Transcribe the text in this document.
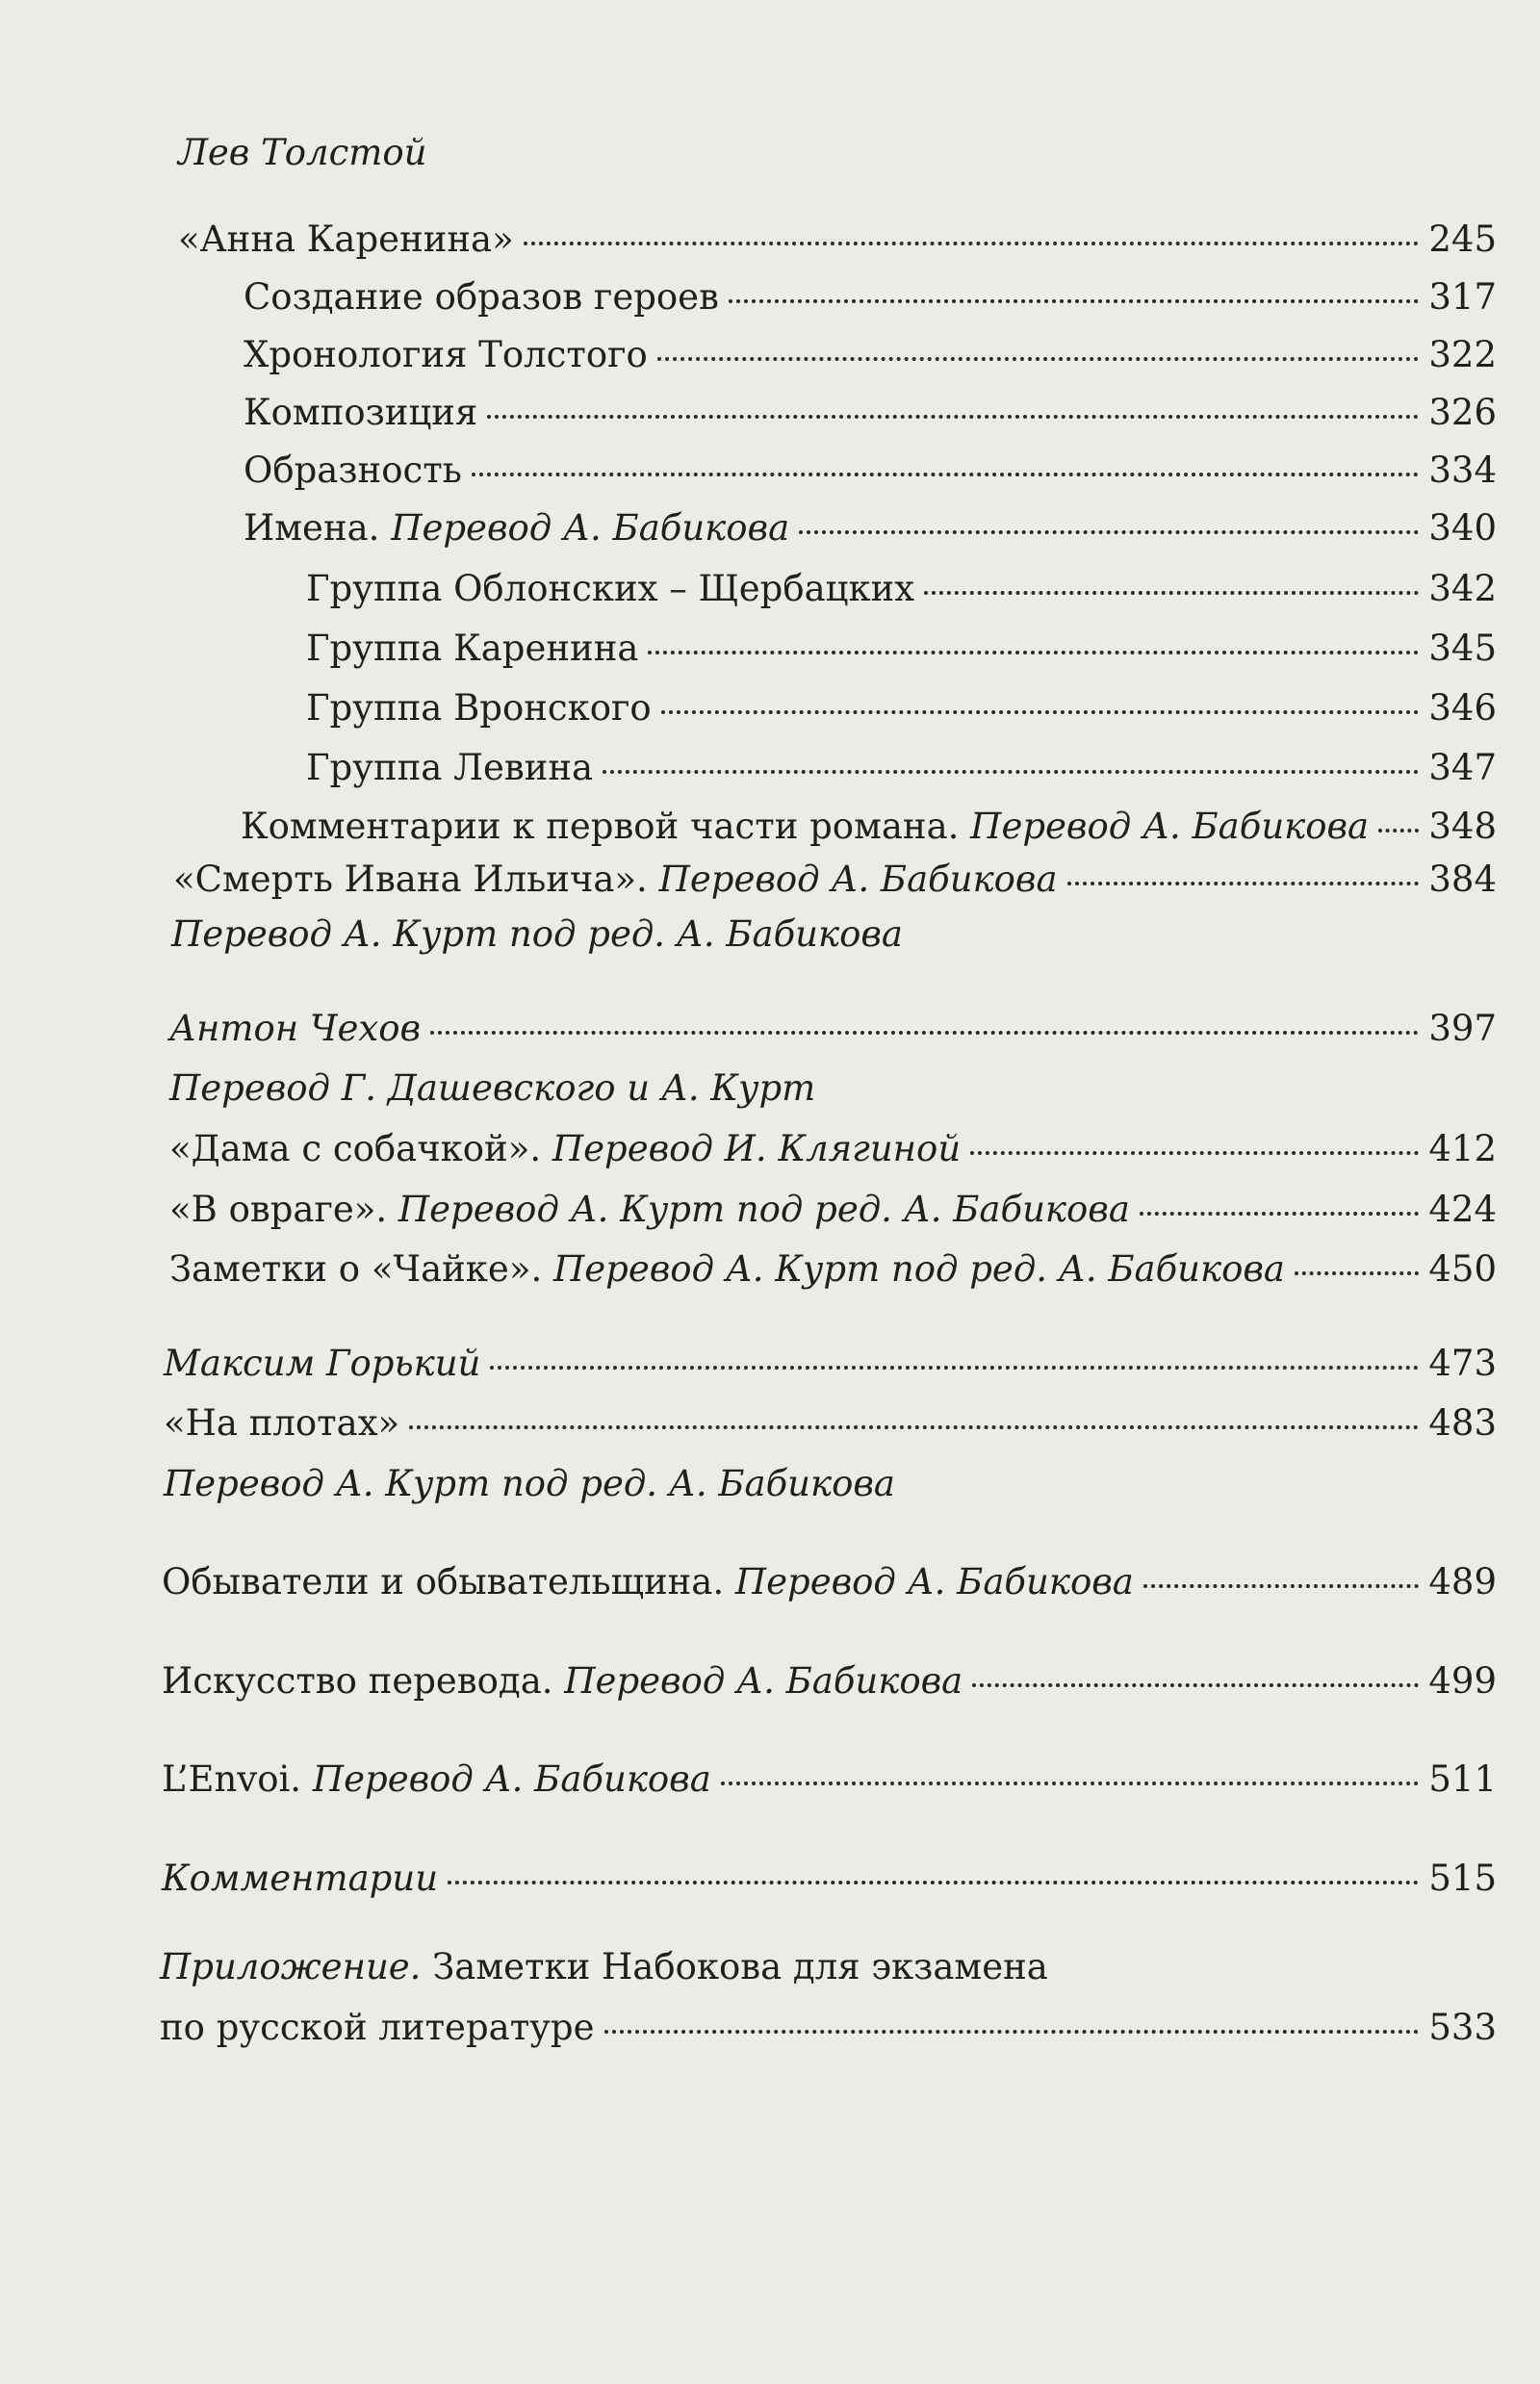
Лев Толстой
«Анна Каренина»	245
Создание образов героев	317
Хронология Толстого	322
Композиция	326
Образность	334
Имена. Перевод А. Бабикова	340
Группа Облонских – Щербацких	342
Группа Каренина	345
Группа Вронского	346
Группа Левина	347
Комментарии к первой части романа. Перевод А. Бабикова 348
«Смерть Ивана Ильича». Перевод А. Бабикова	384
Перевод А. Курт под ред. А. Бабикова
Антон Чехов	397
Перевод Г. Дашевского и А. Курт
«Дама с собачкой». Перевод И. Клягиной	412
«В овраге». Перевод А. Курт под ред. А. Бабикова	424
Заметки о «Чайке». Перевод А. Курт под ред. А. Бабикова	450
Максим Горький	473
«На плотах»	483
Перевод А. Курт под ред. А. Бабикова
Обыватели и обывательщина. Перевод А. Бабикова	489
Искусство перевода. Перевод А. Бабикова	499
L’Envoi. Перевод А. Бабикова	511
Комментарии	515
Приложение. Заметки Набокова для экзамена
по русской литературе	533
